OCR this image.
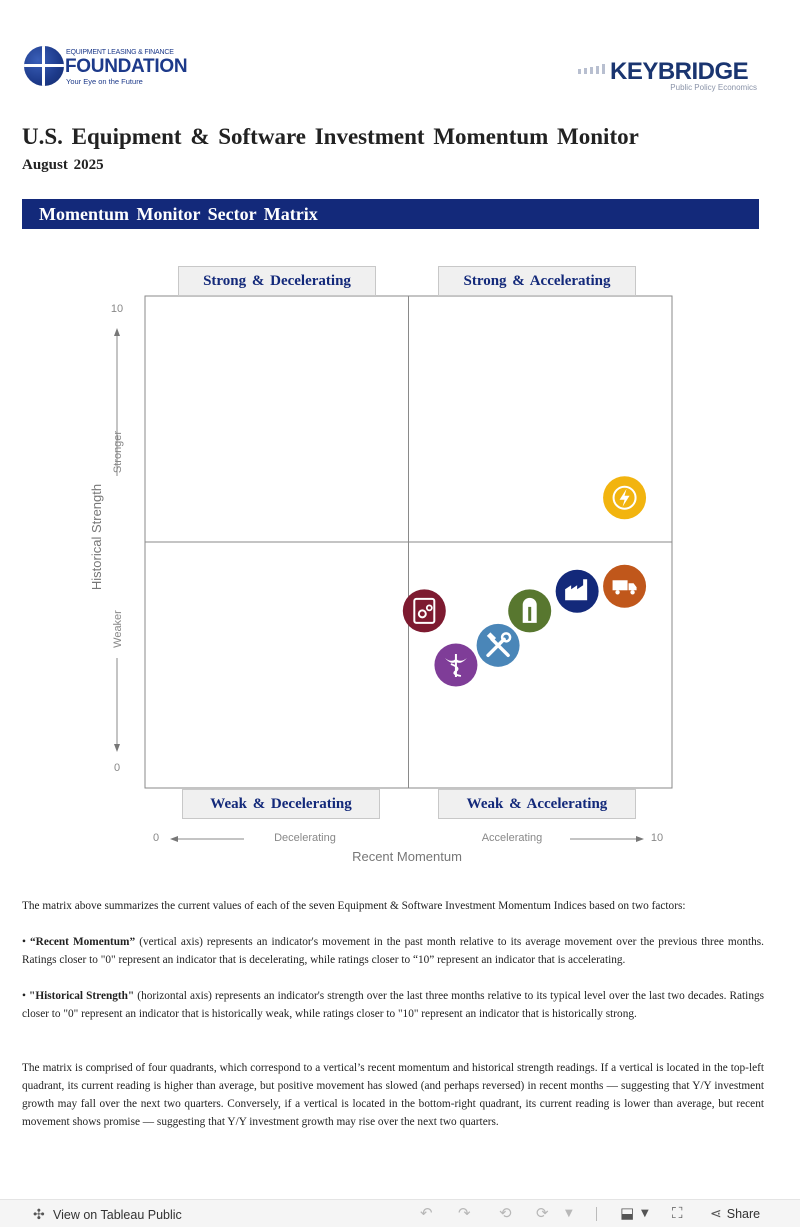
EQUIPMENT LEASING & FINANCE
FOUNDATION
Your Eye on the Future	KEYBRIDGE
Public Policy Economics
U.S. Equipment & Software Investment Momentum Monitor
August 2025
Momentum Monitor Sector Matrix
10
0
0	10
Recent Momentum
Historical Strength
Stronger
Weaker
Decelerating	Accelerating
Strong & Decelerating	Strong & Accelerating
Weak & Decelerating	Weak & Accelerating

The matrix above summarizes the current values of each of the seven Equipment & Software Investment Momentum Indices based on two factors:

• “Recent Momentum” (vertical axis) represents an indicator's movement in the past month relative to its average movement over the previous three months. Ratings closer to "0" represent an indicator that is decelerating, while ratings closer to “10” represent an indicator that is accelerating.

• "Historical Strength" (horizontal axis) represents an indicator's strength over the last three months relative to its typical level over the last two decades. Ratings closer to "0" represent an indicator that is historically weak, while ratings closer to "10" represent an indicator that is historically strong.

The matrix is comprised of four quadrants, which correspond to a vertical’s recent momentum and historical strength readings. If a vertical is located in the top-left quadrant, its current reading is higher than average, but positive movement has slowed (and perhaps reversed) in recent months — suggesting that Y/Y investment growth may fall over the next two quarters. Conversely, if a vertical is located in the bottom-right quadrant, its current reading is lower than average, but recent movement shows promise — suggesting that Y/Y investment growth may rise over the next two quarters.

✣ View on Tableau Public	↶ ↷ ⟲ ⟳ ▼	⬓ ▼ ⛶ ⋖ Share
